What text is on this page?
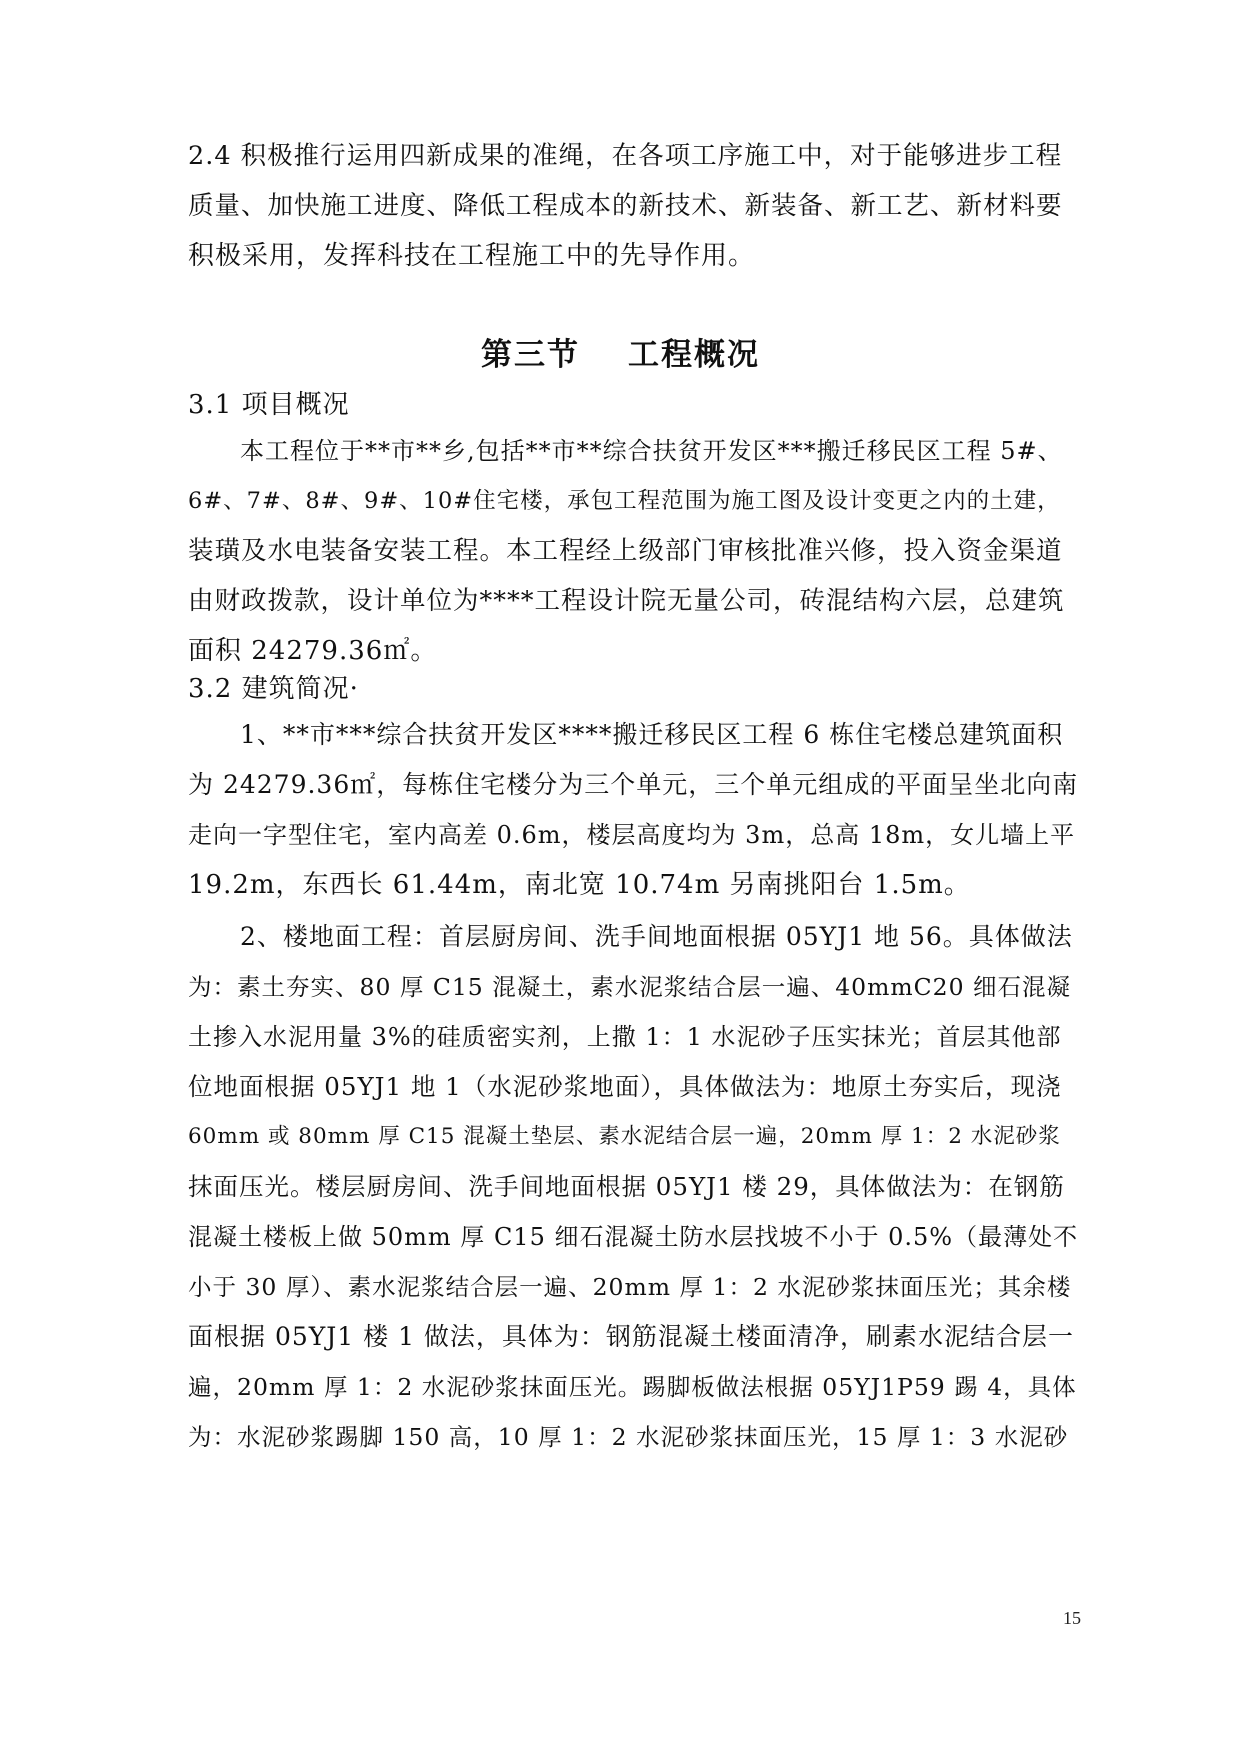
2.4 积极推行运用四新成果的准绳，在各项工序施工中，对于能够进步工程
质量、加快施工进度、降低工程成本的新技术、新装备、新工艺、新材料要
积极采用，发挥科技在工程施工中的先导作用。
第三节 工程概况
3.1 项目概况
本工程位于**市**乡,包括**市**综合扶贫开发区***搬迁移民区工程 5#、
6#、7#、8#、9#、10#住宅楼，承包工程范围为施工图及设计变更之内的土建，
装璜及水电装备安装工程。本工程经上级部门审核批准兴修，投入资金渠道
由财政拨款，设计单位为****工程设计院无量公司，砖混结构六层，总建筑
面积 24279.36㎡。
3.2 建筑简况·
1、**市***综合扶贫开发区****搬迁移民区工程 6 栋住宅楼总建筑面积
为 24279.36㎡，每栋住宅楼分为三个单元，三个单元组成的平面呈坐北向南
走向一字型住宅，室内高差 0.6m，楼层高度均为 3m，总高 18m，女儿墙上平
19.2m，东西长 61.44m，南北宽 10.74m 另南挑阳台 1.5m。
2、楼地面工程：首层厨房间、洗手间地面根据 05YJ1 地 56。具体做法
为：素土夯实、80 厚 C15 混凝土，素水泥浆结合层一遍、40mmC20 细石混凝
土掺入水泥用量 3%的硅质密实剂，上撒 1：1 水泥砂子压实抹光；首层其他部
位地面根据 05YJ1 地 1（水泥砂浆地面），具体做法为：地原土夯实后，现浇
60mm 或 80mm 厚 C15 混凝土垫层、素水泥结合层一遍，20mm 厚 1：2 水泥砂浆
抹面压光。楼层厨房间、洗手间地面根据 05YJ1 楼 29，具体做法为：在钢筋
混凝土楼板上做 50mm 厚 C15 细石混凝土防水层找坡不小于 0.5%（最薄处不
小于 30 厚）、素水泥浆结合层一遍、20mm 厚 1：2 水泥砂浆抹面压光；其余楼
面根据 05YJ1 楼 1 做法，具体为：钢筋混凝土楼面清净，刷素水泥结合层一
遍，20mm 厚 1：2 水泥砂浆抹面压光。踢脚板做法根据 05YJ1P59 踢 4，具体
为：水泥砂浆踢脚 150 高，10 厚 1：2 水泥砂浆抹面压光，15 厚 1：3 水泥砂
15
